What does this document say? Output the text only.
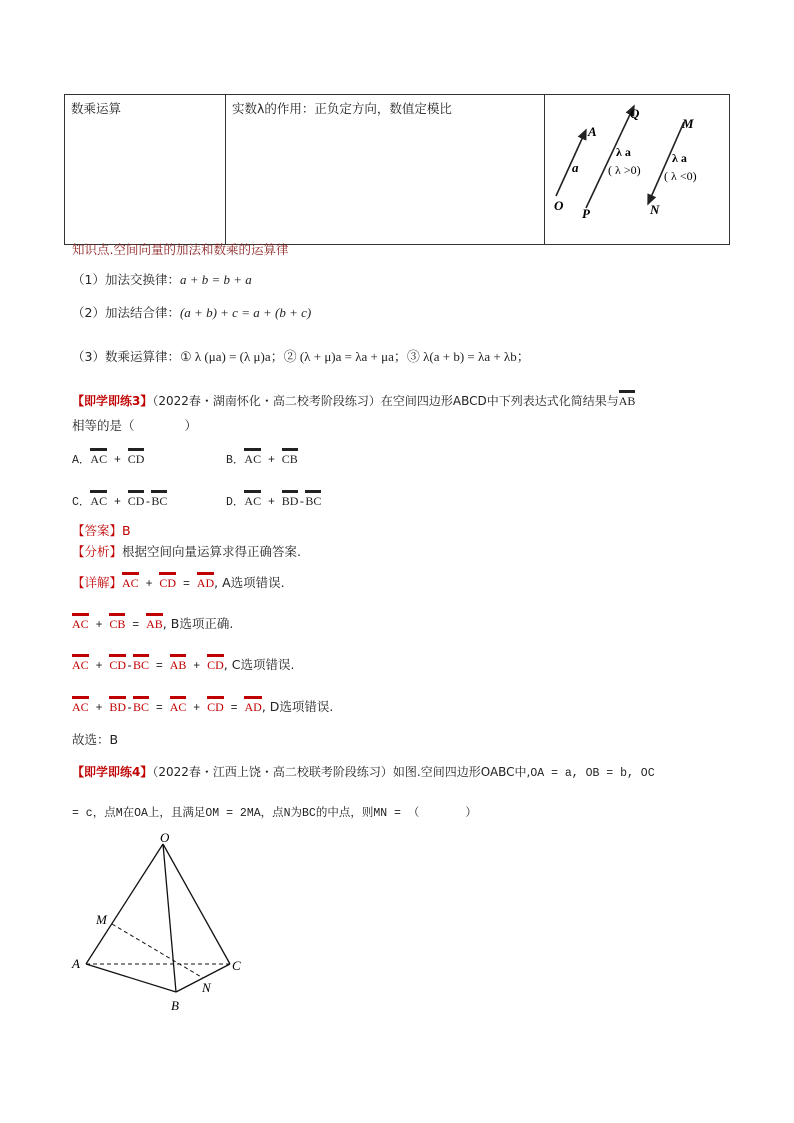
数乘运算	实数λ的作用：正负定方向，数值定模比	
A
O
a
Q
P
λ a
( λ >0)
M
N
λ a
( λ <0)
知识点.空间向量的加法和数乘的运算律
（1）加法交换律：a + b = b + a
（2）加法结合律：(a + b) + c = a + (b + c)
（3）数乘运算律：① λ (μa) = (λ μ)a；② (λ + μ)a = λa + μa；③ λ(a + b) = λa + λb；
【即学即练3】（2022春・湖南怀化・高二校考阶段练习）在空间四边形ABCD中下列表达式化简结果与AB
相等的是（　　　　）
A．AC + CD	B．AC + CB
C．AC + CD-BC	D．AC + BD-BC
【答案】B
【分析】根据空间向量运算求得正确答案.
【详解】AC + CD = AD, A选项错误.
AC + CB = AB, B选项正确.
AC + CD-BC = AB + CD, C选项错误.
AC + BD-BC = AC + CD = AD, D选项错误.
故选：B
【即学即练4】（2022春・江西上饶・高二校联考阶段练习）如图.空间四边形OABC中,OA = a, OB = b, OC
= c，点M在OA上，且满足OM = 2MA，点N为BC的中点，则MN = （　　　　）
O
M
A
B
C
N
